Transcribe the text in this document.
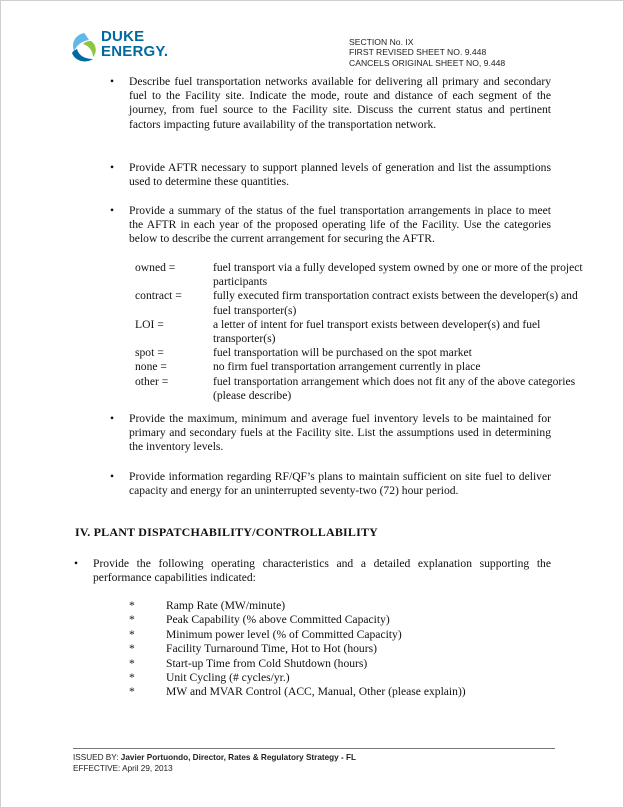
DUKE
ENERGY.
SECTION No. IX
FIRST REVISED SHEET NO. 9.448
CANCELS ORIGINAL SHEET NO, 9.448
• Describe fuel transportation networks available for delivering all primary and secondary fuel to the Facility site. Indicate the mode, route and distance of each segment of the journey, from fuel source to the Facility site. Discuss the current status and pertinent factors impacting future availability of the transportation network.
• Provide AFTR necessary to support planned levels of generation and list the assumptions used to determine these quantities.
• Provide a summary of the status of the fuel transportation arrangements in place to meet the AFTR in each year of the proposed operating life of the Facility. Use the categories below to describe the current arrangement for securing the AFTR.
owned =	fuel transport via a fully developed system owned by one or more of the project participants
contract =	fully executed firm transportation contract exists between the developer(s) and fuel transporter(s)
LOI =	a letter of intent for fuel transport exists between developer(s) and fuel transporter(s)
spot =	fuel transportation will be purchased on the spot market
none =	no firm fuel transportation arrangement currently in place
other =	fuel transportation arrangement which does not fit any of the above categories (please describe)
• Provide the maximum, minimum and average fuel inventory levels to be maintained for primary and secondary fuels at the Facility site. List the assumptions used in determining the inventory levels.
• Provide information regarding RF/QF’s plans to maintain sufficient on site fuel to deliver capacity and energy for an uninterrupted seventy-two (72) hour period.
IV. PLANT DISPATCHABILITY/CONTROLLABILITY
• Provide the following operating characteristics and a detailed explanation supporting the performance capabilities indicated:
*	Ramp Rate (MW/minute)
*	Peak Capability (% above Committed Capacity)
*	Minimum power level (% of Committed Capacity)
*	Facility Turnaround Time, Hot to Hot (hours)
*	Start-up Time from Cold Shutdown (hours)
*	Unit Cycling (# cycles/yr.)
*	MW and MVAR Control (ACC, Manual, Other (please explain))
ISSUED BY: Javier Portuondo, Director, Rates & Regulatory Strategy - FL
EFFECTIVE: April 29, 2013
